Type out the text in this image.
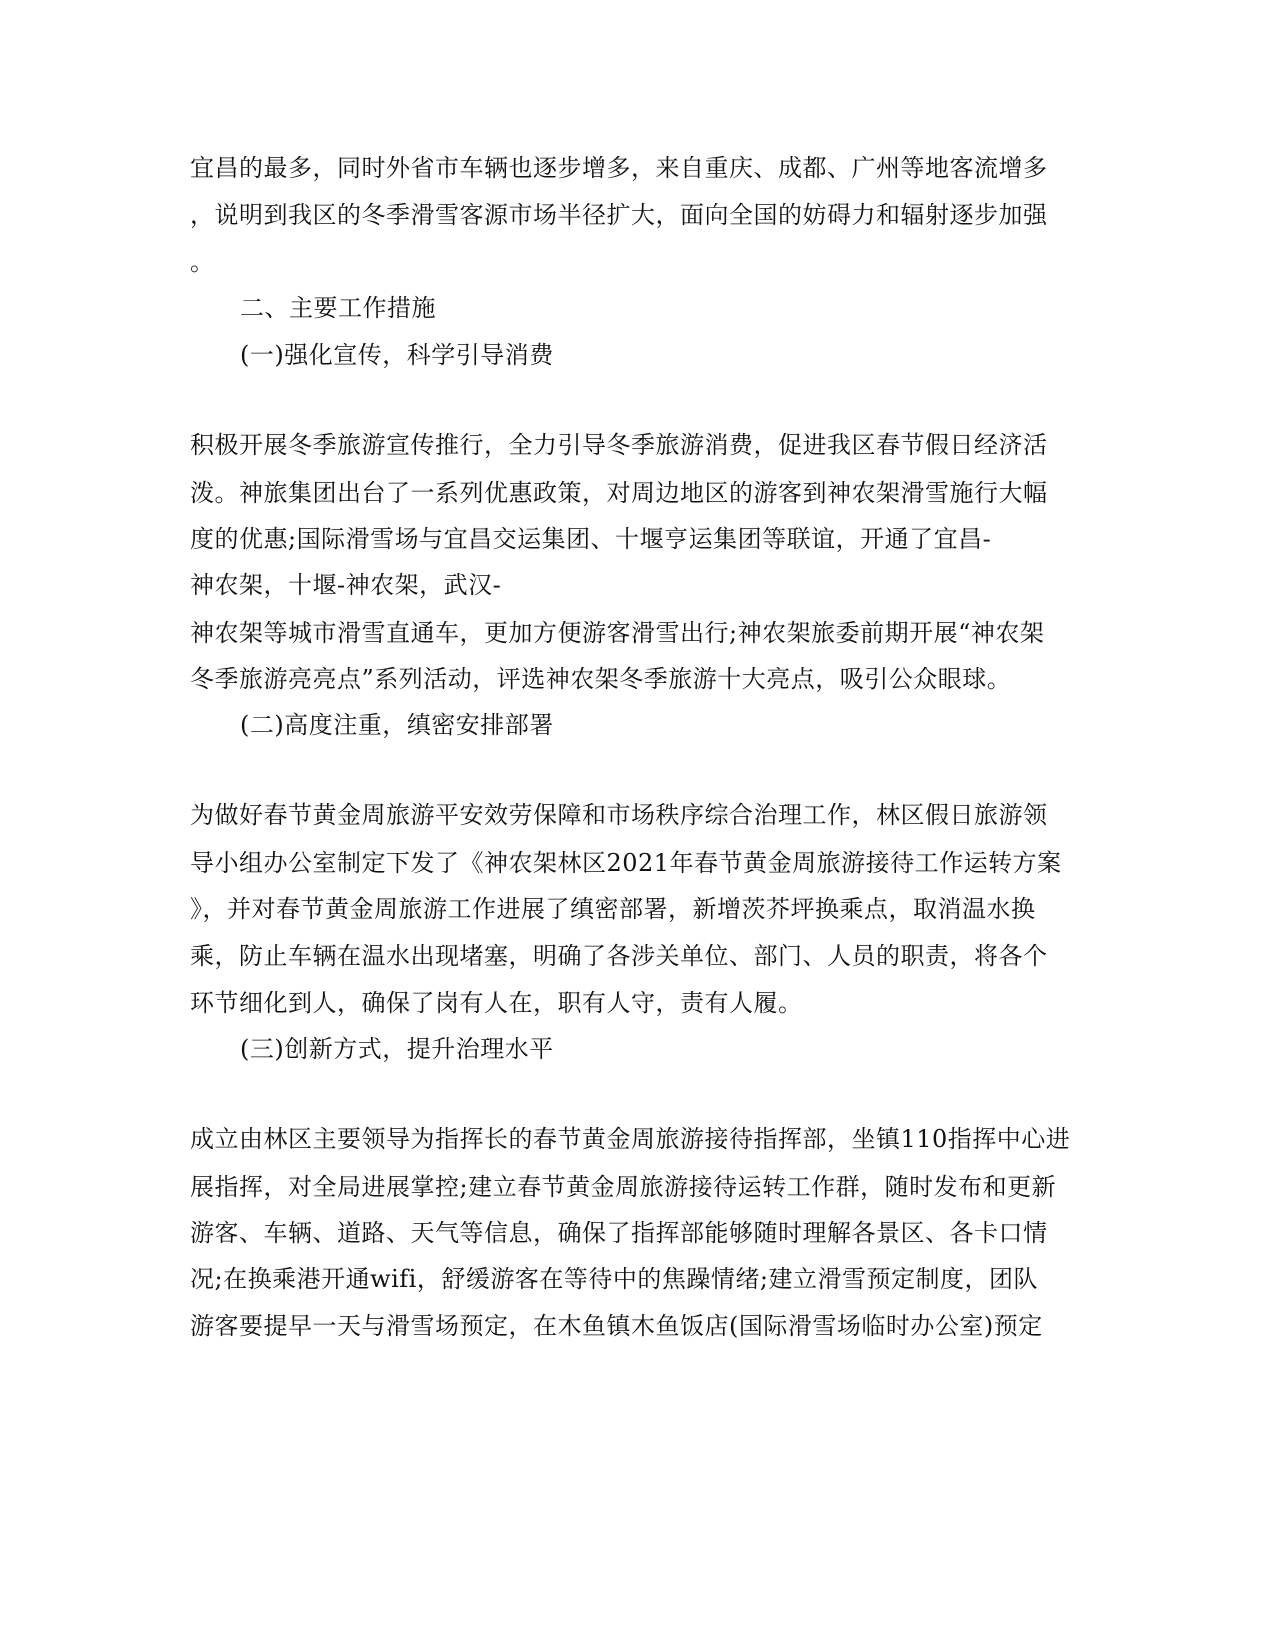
宜昌的最多，同时外省市车辆也逐步增多，来自重庆、成都、广州等地客流增多
，说明到我区的冬季滑雪客源市场半径扩大，面向全国的妨碍力和辐射逐步加强
。
二、主要工作措施
(一)强化宣传，科学引导消费
积极开展冬季旅游宣传推行，全力引导冬季旅游消费，促进我区春节假日经济活
泼。神旅集团出台了一系列优惠政策，对周边地区的游客到神农架滑雪施行大幅
度的优惠;国际滑雪场与宜昌交运集团、十堰亨运集团等联谊，开通了宜昌-
神农架，十堰-神农架，武汉-
神农架等城市滑雪直通车，更加方便游客滑雪出行;神农架旅委前期开展“神农架
冬季旅游亮亮点”系列活动，评选神农架冬季旅游十大亮点，吸引公众眼球。
(二)高度注重，缜密安排部署
为做好春节黄金周旅游平安效劳保障和市场秩序综合治理工作，林区假日旅游领
导小组办公室制定下发了《神农架林区2021年春节黄金周旅游接待工作运转方案
》，并对春节黄金周旅游工作进展了缜密部署，新增茨芥坪换乘点，取消温水换
乘，防止车辆在温水出现堵塞，明确了各涉关单位、部门、人员的职责，将各个
环节细化到人，确保了岗有人在，职有人守，责有人履。
(三)创新方式，提升治理水平
成立由林区主要领导为指挥长的春节黄金周旅游接待指挥部，坐镇110指挥中心进
展指挥，对全局进展掌控;建立春节黄金周旅游接待运转工作群，随时发布和更新
游客、车辆、道路、天气等信息，确保了指挥部能够随时理解各景区、各卡口情
况;在换乘港开通wifi，舒缓游客在等待中的焦躁情绪;建立滑雪预定制度，团队
游客要提早一天与滑雪场预定，在木鱼镇木鱼饭店(国际滑雪场临时办公室)预定
